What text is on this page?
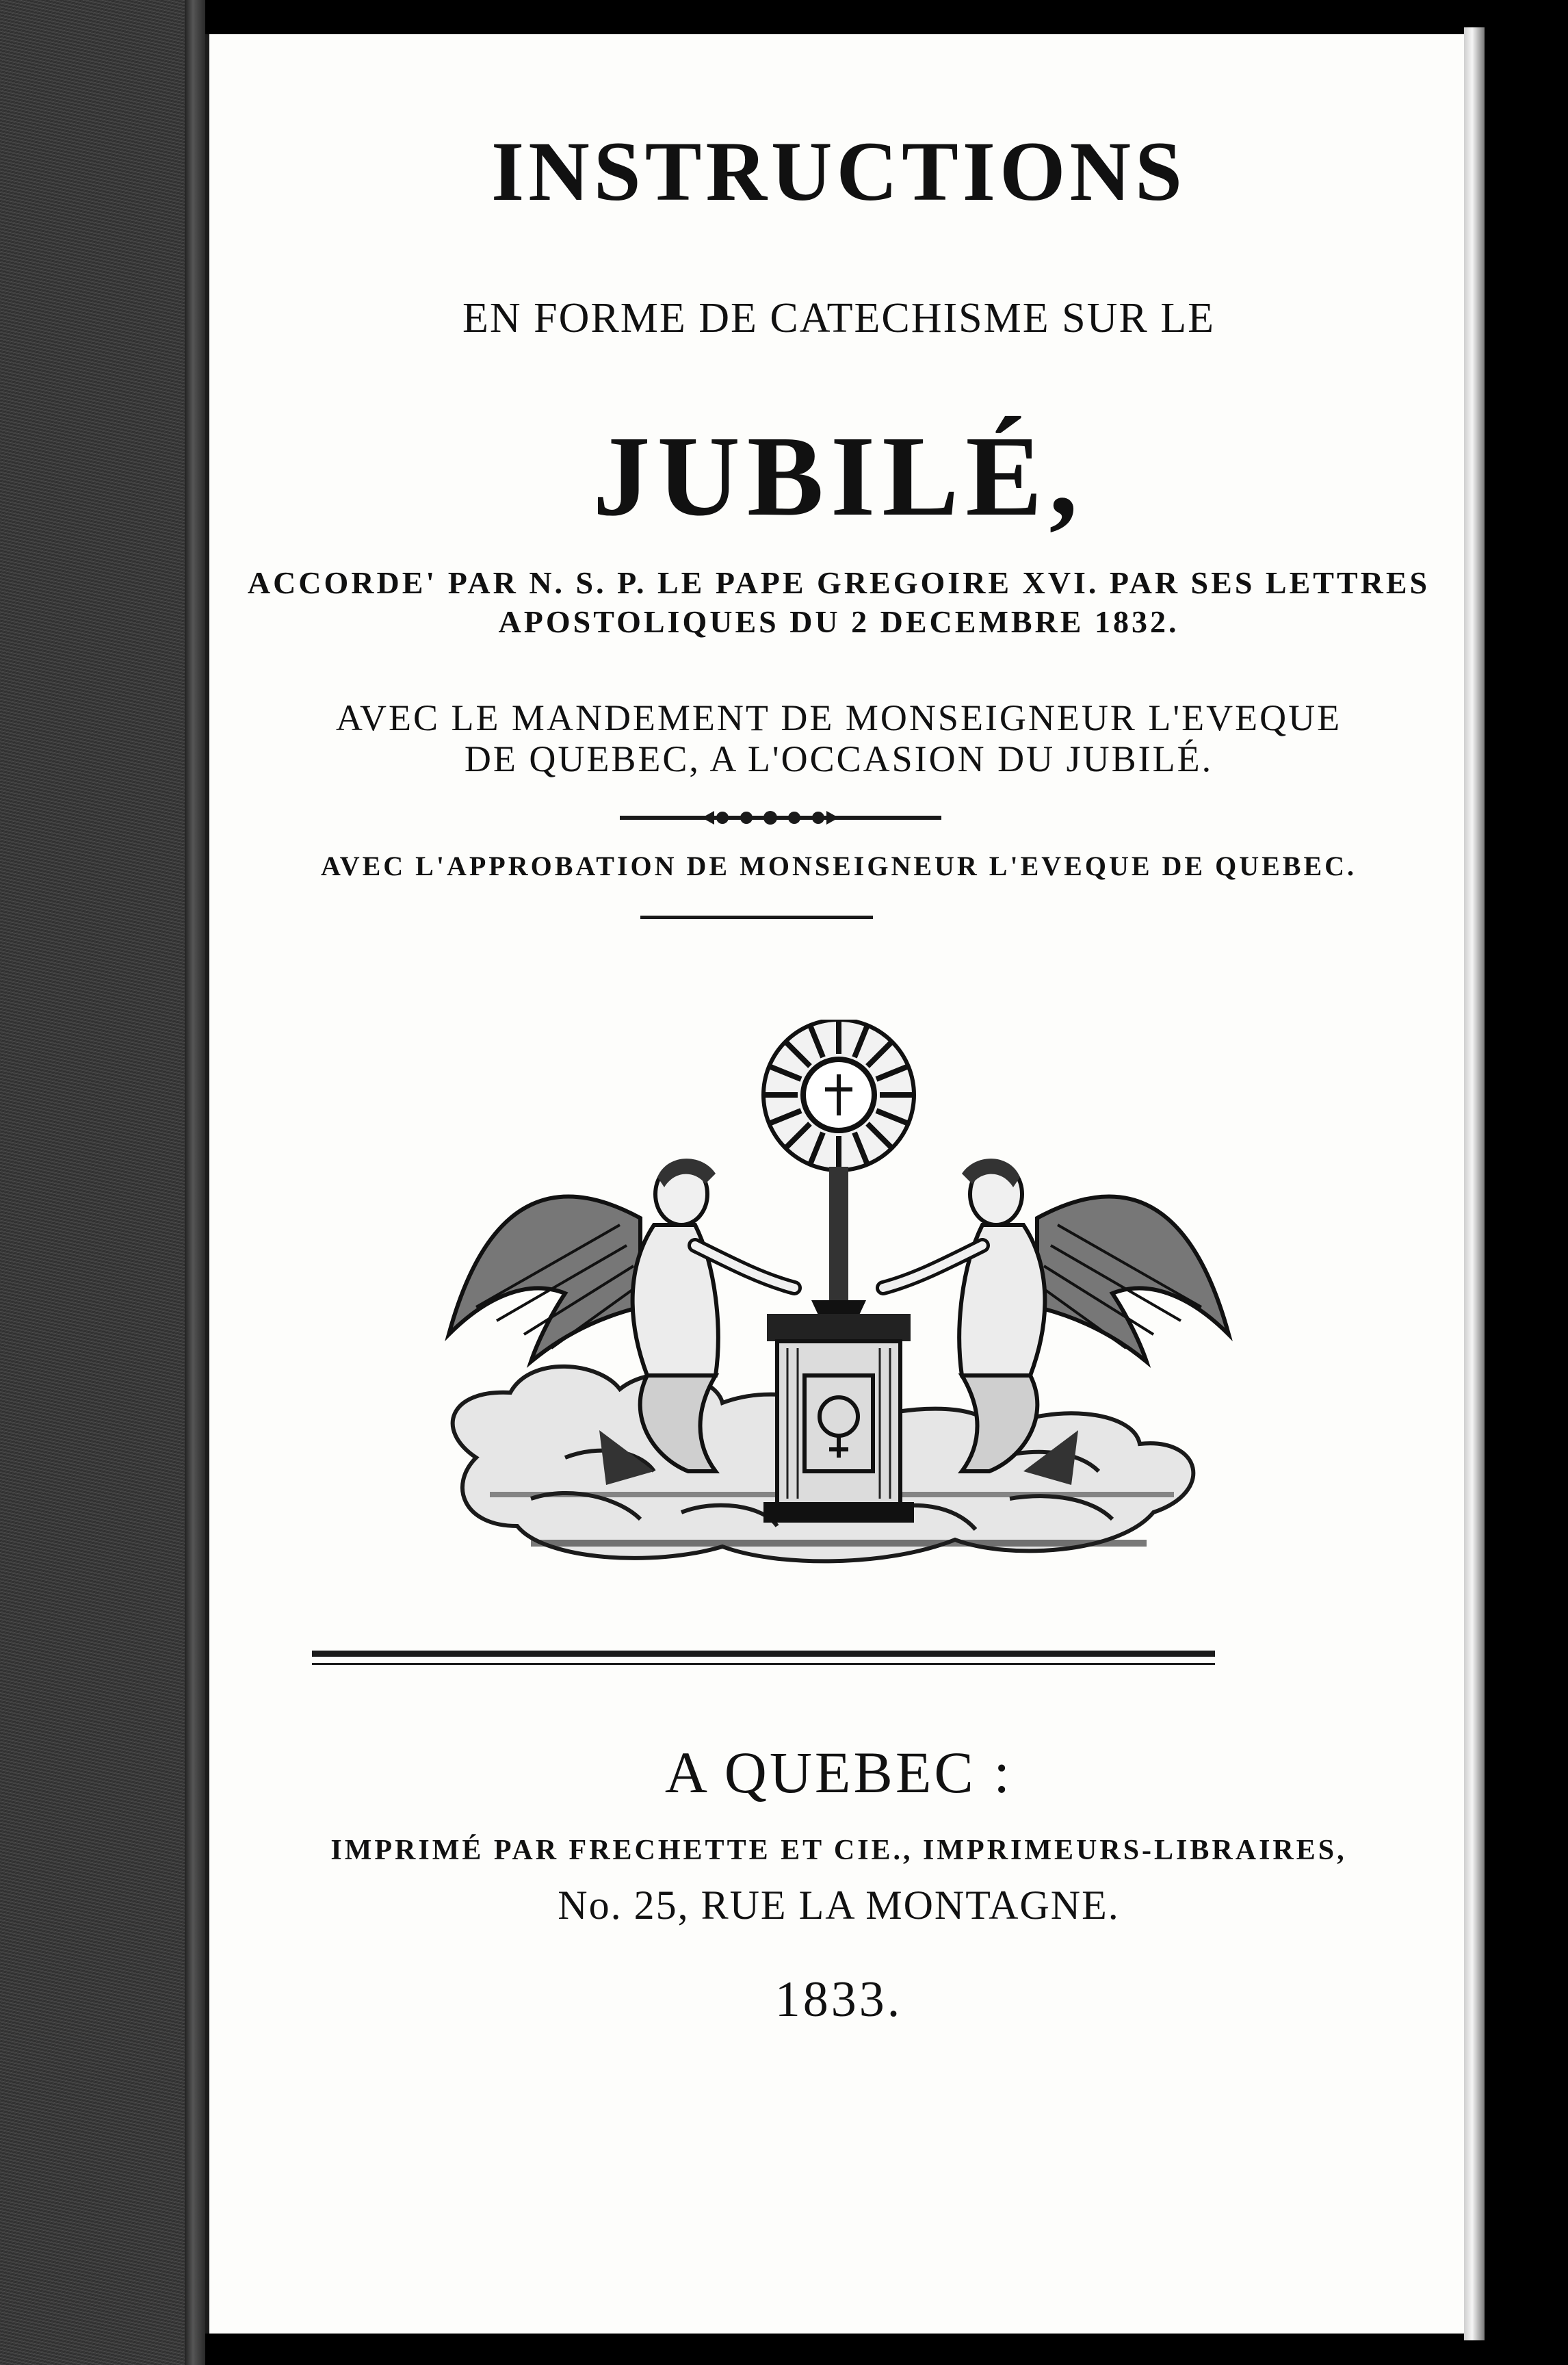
INSTRUCTIONS
EN FORME DE CATECHISME SUR LE
JUBILÉ,
ACCORDE' PAR N. S. P. LE PAPE GREGOIRE XVI. PAR SES LETTRES
APOSTOLIQUES DU 2 DECEMBRE 1832.
AVEC LE MANDEMENT DE MONSEIGNEUR L'EVEQUE
DE QUEBEC, A L'OCCASION DU JUBILÉ.
AVEC L'APPROBATION DE MONSEIGNEUR L'EVEQUE DE QUEBEC.
A QUEBEC :
IMPRIMÉ PAR FRECHETTE ET CIE., IMPRIMEURS-LIBRAIRES,
No. 25, RUE LA MONTAGNE.
1833.
